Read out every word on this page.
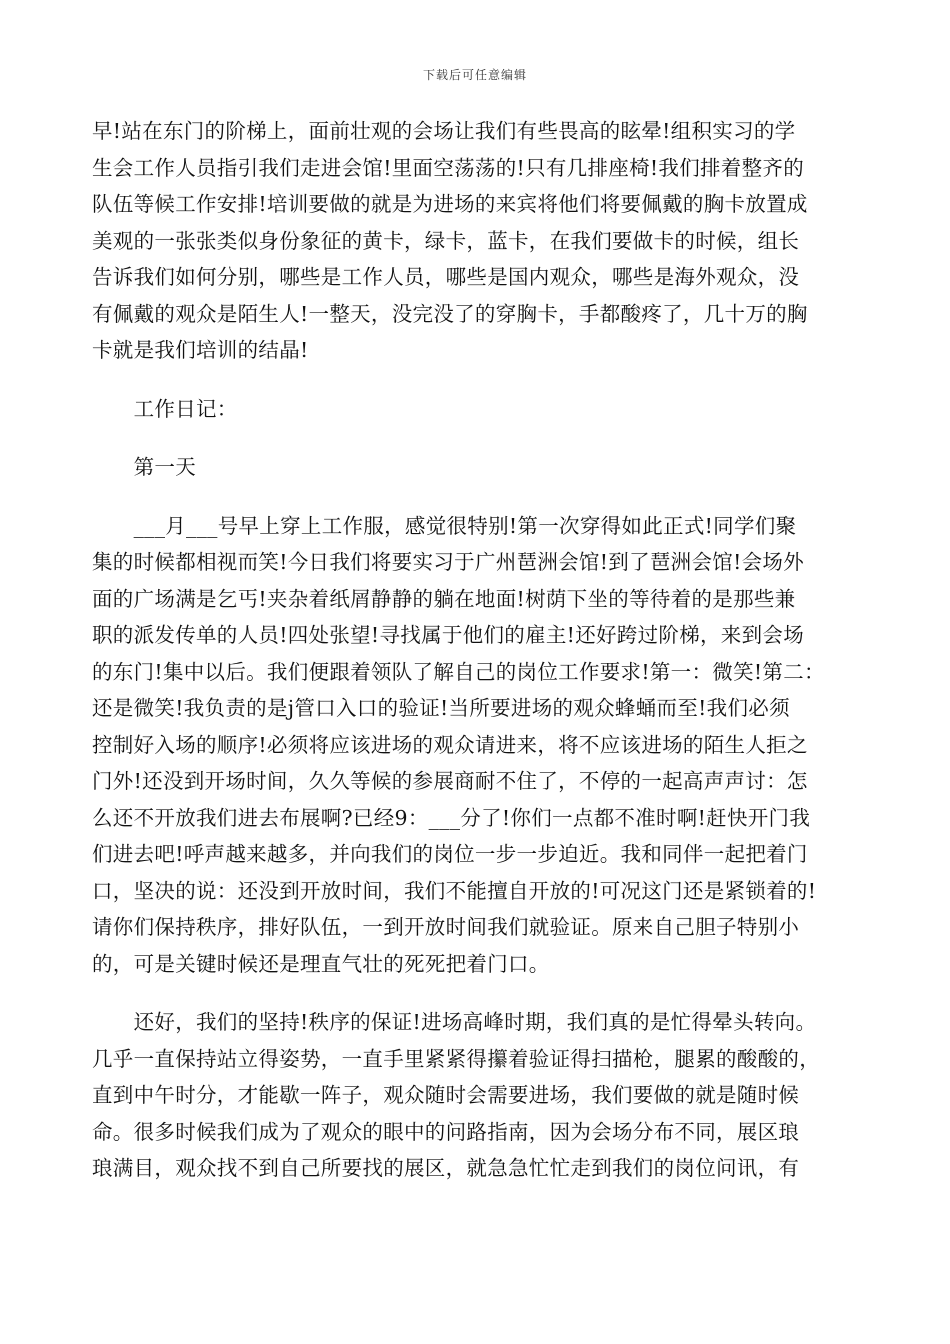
下载后可任意编辑
早!站在东门的阶梯上，面前壮观的会场让我们有些畏高的眩晕!组积实习的学
生会工作人员指引我们走进会馆!里面空荡荡的!只有几排座椅!我们排着整齐的
队伍等候工作安排!培训要做的就是为进场的来宾将他们将要佩戴的胸卡放置成
美观的一张张类似身份象征的黄卡，绿卡，蓝卡，在我们要做卡的时候，组长
告诉我们如何分别，哪些是工作人员，哪些是国内观众，哪些是海外观众，没
有佩戴的观众是陌生人!一整天，没完没了的穿胸卡，手都酸疼了，几十万的胸
卡就是我们培训的结晶!
　　工作日记：
　　第一天
　　___月___号早上穿上工作服，感觉很特别!第一次穿得如此正式!同学们聚
集的时候都相视而笑!今日我们将要实习于广州琶洲会馆!到了琶洲会馆!会场外
面的广场满是乞丐!夹杂着纸屑静静的躺在地面!树荫下坐的等待着的是那些兼
职的派发传单的人员!四处张望!寻找属于他们的雇主!还好跨过阶梯，来到会场
的东门!集中以后。我们便跟着领队了解自己的岗位工作要求!第一：微笑!第二：
还是微笑!我负责的是j管口入口的验证!当所要进场的观众蜂蛹而至!我们必须
控制好入场的顺序!必须将应该进场的观众请进来，将不应该进场的陌生人拒之
门外!还没到开场时间，久久等候的参展商耐不住了，不停的一起高声声讨：怎
么还不开放我们进去布展啊?已经9：___分了!你们一点都不准时啊!赶快开门我
们进去吧!呼声越来越多，并向我们的岗位一步一步迫近。我和同伴一起把着门
口，坚决的说：还没到开放时间，我们不能擅自开放的!可况这门还是紧锁着的!
请你们保持秩序，排好队伍，一到开放时间我们就验证。原来自己胆子特别小
的，可是关键时候还是理直气壮的死死把着门口。
　　还好，我们的坚持!秩序的保证!进场高峰时期，我们真的是忙得晕头转向。
几乎一直保持站立得姿势，一直手里紧紧得攥着验证得扫描枪，腿累的酸酸的，
直到中午时分，才能歇一阵子，观众随时会需要进场，我们要做的就是随时候
命。很多时候我们成为了观众的眼中的问路指南，因为会场分布不同，展区琅
琅满目，观众找不到自己所要找的展区，就急急忙忙走到我们的岗位问讯，有
